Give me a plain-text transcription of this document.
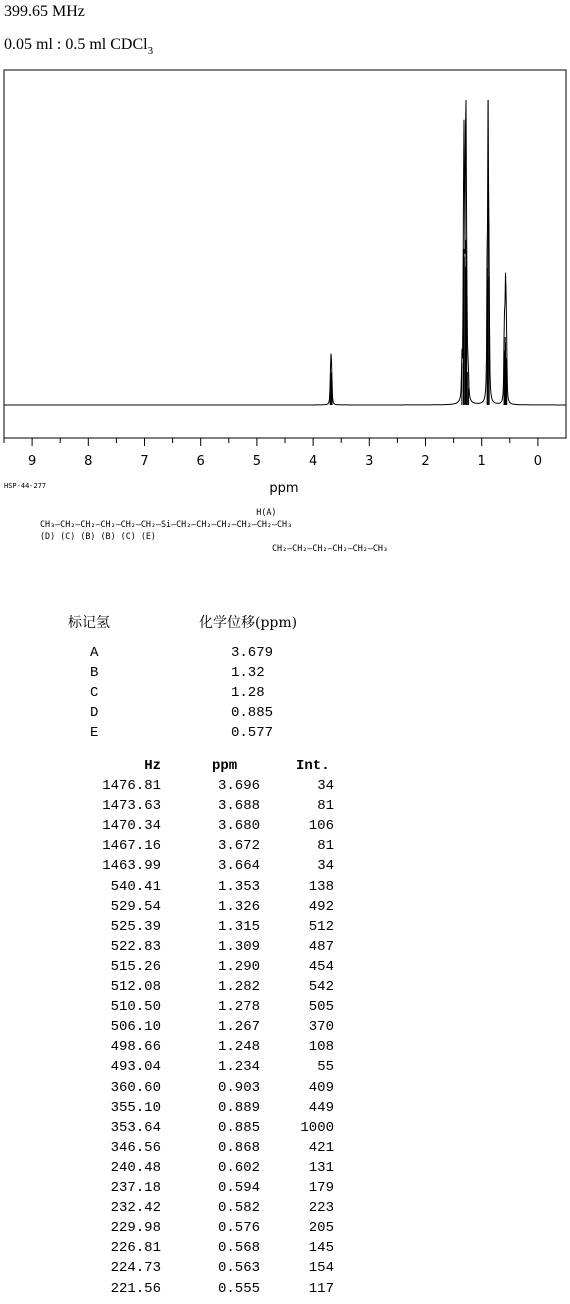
399.65 MHz
0.05 ml : 0.5 ml CDCl$_3$
9	8	7	6	5	4	3	2	1	0
ppm
HSP-44-277
H(A)
CH₃—CH₂—CH₂—CH₂—CH₂—CH₂—Si—CH₂—CH₂—CH₂—CH₂—CH₂—CH₃
(D) (C) (B) (B) (C) (E)
CH₂—CH₂—CH₂—CH₂—CH₂—CH₃
标记氢	化学位移(ppm)
A	3.679
B	1.32
C	1.28
D	0.885
E	0.577
Hz	ppm	Int.
1476.81	3.696	34
1473.63	3.688	81
1470.34	3.680	106
1467.16	3.672	81
1463.99	3.664	34
540.41	1.353	138
529.54	1.326	492
525.39	1.315	512
522.83	1.309	487
515.26	1.290	454
512.08	1.282	542
510.50	1.278	505
506.10	1.267	370
498.66	1.248	108
493.04	1.234	55
360.60	0.903	409
355.10	0.889	449
353.64	0.885	1000
346.56	0.868	421
240.48	0.602	131
237.18	0.594	179
232.42	0.582	223
229.98	0.576	205
226.81	0.568	145
224.73	0.563	154
221.56	0.555	117
